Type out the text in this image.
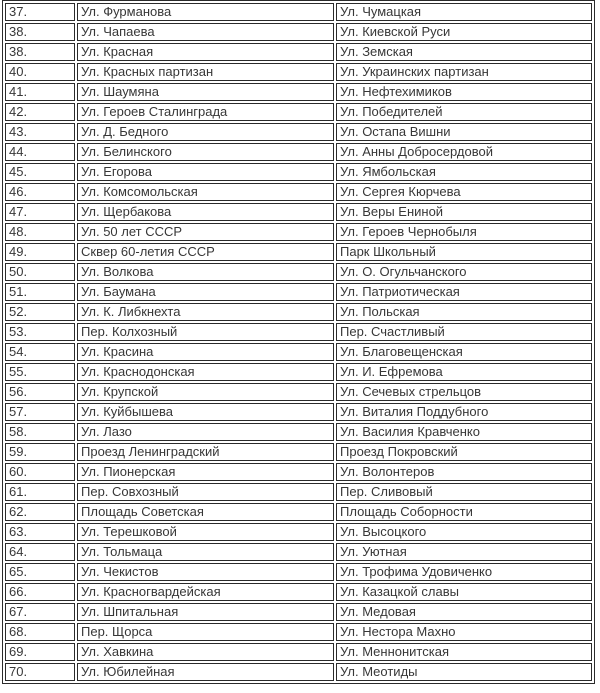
37.	Ул. Фурманова	Ул. Чумацкая
38.	Ул. Чапаева	Ул. Киевской Руси
38.	Ул. Красная	Ул. Земская
40.	Ул. Красных партизан	Ул. Украинских партизан
41.	Ул. Шаумяна	Ул. Нефтехимиков
42.	Ул. Героев Сталинграда	Ул. Победителей
43.	Ул. Д. Бедного	Ул. Остапа Вишни
44.	Ул. Белинского	Ул. Анны Добросердовой
45.	Ул. Егорова	Ул. Ямбольская
46.	Ул. Комсомольская	Ул. Сергея Кюрчева
47.	Ул. Щербакова	Ул. Веры Ениной
48.	Ул. 50 лет СССР	Ул. Героев Чернобыля
49.	Сквер 60-летия СССР	Парк Школьный
50.	Ул. Волкова	Ул. О. Огульчанского
51.	Ул. Баумана	Ул. Патриотическая
52.	Ул. К. Либкнехта	Ул. Польская
53.	Пер. Колхозный	Пер. Счастливый
54.	Ул. Красина	Ул. Благовещенская
55.	Ул. Краснодонская	Ул. И. Ефремова
56.	Ул. Крупской	Ул. Сечевых стрельцов
57.	Ул. Куйбышева	Ул. Виталия Поддубного
58.	Ул. Лазо	Ул. Василия Кравченко
59.	Проезд Ленинградский	Проезд Покровский
60.	Ул. Пионерская	Ул. Волонтеров
61.	Пер. Совхозный	Пер. Сливовый
62.	Площадь Советская	Площадь Соборности
63.	Ул. Терешковой	Ул. Высоцкого
64.	Ул. Тольмаца	Ул. Уютная
65.	Ул. Чекистов	Ул. Трофима Удовиченко
66.	Ул. Красногвардейская	Ул. Казацкой славы
67.	Ул. Шпитальная	Ул. Медовая
68.	Пер. Щорса	Ул. Нестора Махно
69.	Ул. Хавкина	Ул. Меннонитская
70.	Ул. Юбилейная	Ул. Меотиды
